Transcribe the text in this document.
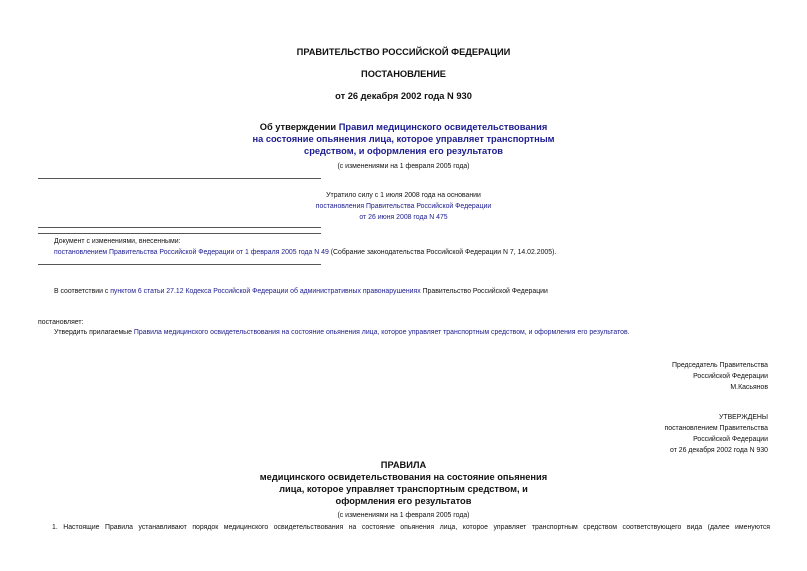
ПРАВИТЕЛЬСТВО РОССИЙСКОЙ ФЕДЕРАЦИИ
ПОСТАНОВЛЕНИЕ
от 26 декабря 2002 года N 930
Об утверждении Правил медицинского освидетельствования
на состояние опьянения лица, которое управляет транспортным
средством, и оформления его результатов
(с изменениями на 1 февраля 2005 года)
Утратило силу с 1 июля 2008 года на основании
постановления Правительства Российской Федерации
от 26 июня 2008 года N 475
Документ с изменениями, внесенными:
постановлением Правительства Российской Федерации от 1 февраля 2005 года N 49 (Собрание законодательства Российской Федерации N 7, 14.02.2005).
В соответствии с пунктом 6 статьи 27.12 Кодекса Российской Федерации об административных правонарушениях Правительство Российской Федерации
постановляет:
Утвердить прилагаемые Правила медицинского освидетельствования на состояние опьянения лица, которое управляет транспортным средством, и оформления его результатов.
Председатель Правительства
Российской Федерации
М.Касьянов
УТВЕРЖДЕНЫ
постановлением Правительства
Российской Федерации
от 26 декабря 2002 года N 930
ПРАВИЛА
медицинского освидетельствования на состояние опьянения
лица, которое управляет транспортным средством, и
оформления его результатов
(с изменениями на 1 февраля 2005 года)
1. Настоящие Правила устанавливают порядок медицинского освидетельствования на состояние опьянения лица, которое управляет транспортным средством соответствующего вида (далее именуются
